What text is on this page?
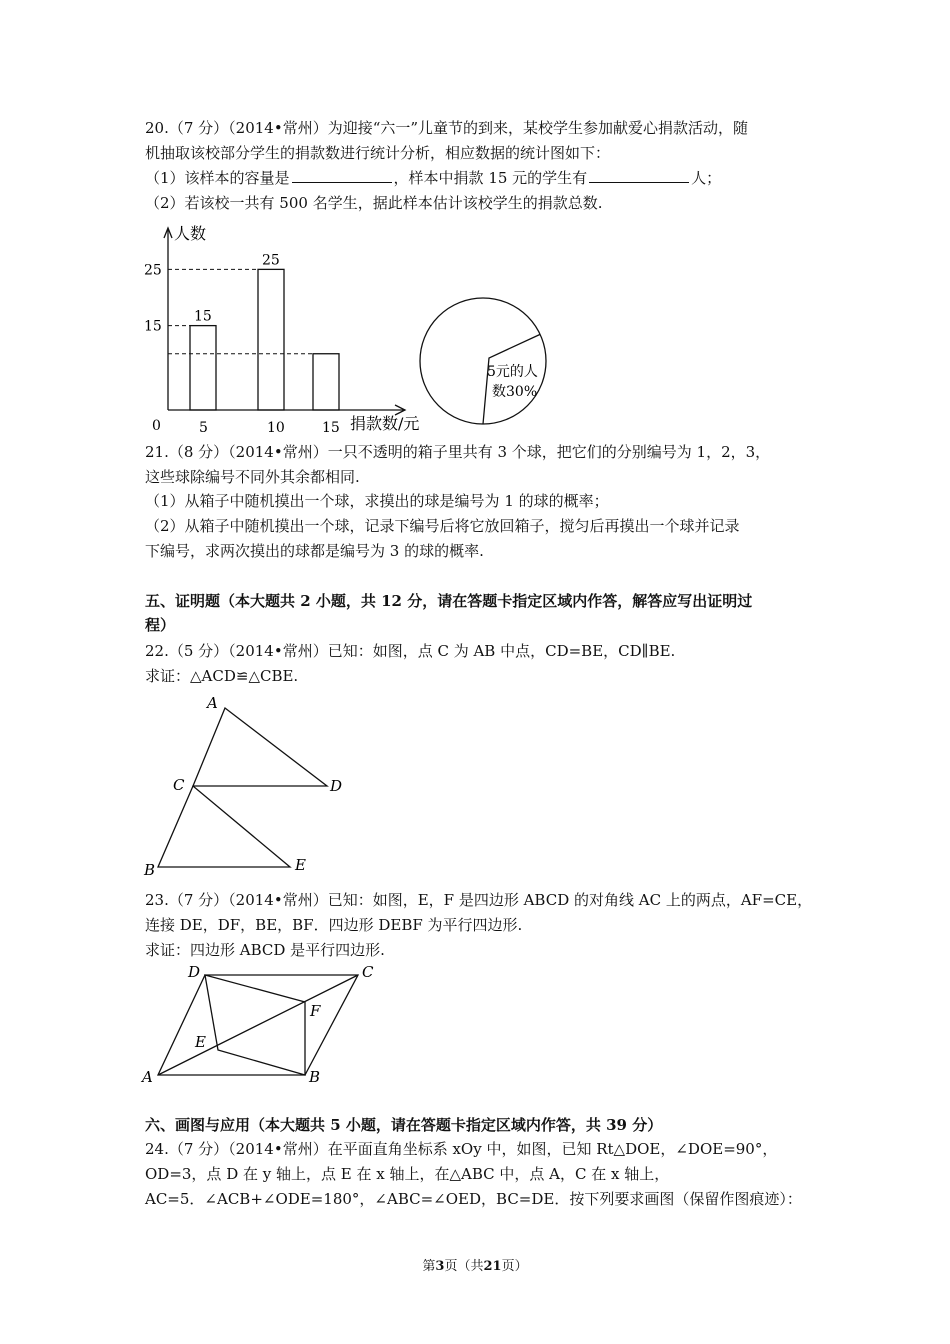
20.（7 分）（2014•常州）为迎接“六一”儿童节的到来，某校学生参加献爱心捐款活动，随
机抽取该校部分学生的捐款数进行统计分析，相应数据的统计图如下：
（1）该样本的容量是	，样本中捐款 15 元的学生有	人；
（2）若该校一共有 500 名学生，据此样本估计该校学生的捐款总数.
人数
捐款数/元
0	5
15
10
25
15
15
25
5元的人
数30%
21.（8 分）（2014•常州）一只不透明的箱子里共有 3 个球，把它们的分别编号为 1，2，3，
这些球除编号不同外其余都相同.
（1）从箱子中随机摸出一个球，求摸出的球是编号为 1 的球的概率；
（2）从箱子中随机摸出一个球，记录下编号后将它放回箱子，搅匀后再摸出一个球并记录
下编号，求两次摸出的球都是编号为 3 的球的概率.
五、证明题（本大题共 2 小题，共 12 分，请在答题卡指定区域内作答，解答应写出证明过
程）
22.（5 分）（2014•常州）已知：如图，点 C 为 AB 中点，CD=BE，CD∥BE.
求证：△ACD≌△CBE.
A
C	D
B	E
23.（7 分）（2014•常州）已知：如图，E，F 是四边形 ABCD 的对角线 AC 上的两点，AF=CE，
连接 DE，DF，BE，BF．四边形 DEBF 为平行四边形.
求证：四边形 ABCD 是平行四边形.
D	C
F
E
A	B
六、画图与应用（本大题共 5 小题，请在答题卡指定区域内作答，共 39 分）
24.（7 分）（2014•常州）在平面直角坐标系 xOy 中，如图，已知 Rt△DOE，∠DOE=90°，
OD=3，点 D 在 y 轴上，点 E 在 x 轴上，在△ABC 中，点 A，C 在 x 轴上，
AC=5．∠ACB+∠ODE=180°，∠ABC=∠OED，BC=DE．按下列要求画图（保留作图痕迹）：
第3页（共21页）
